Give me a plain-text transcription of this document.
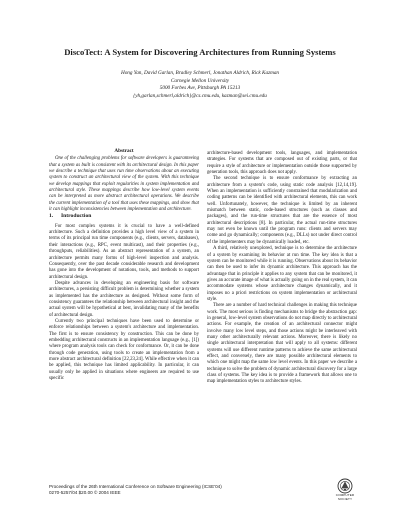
DiscoTect: A System for Discovering Architectures from Running Systems
Hong Yan, David Garlan, Bradley Schmerl, Jonathan Aldrich, Rick Kazman
Carnegie Mellon University
5000 Forbes Ave, Pittsburgh PA 15213
{yh,garlan,schmerl,aldrich}@cs.cmu.edu, kazman@sei.cmu.edu
Abstract

One of the challenging problems for software developers is guaranteeing that a system as built is consistent with its architectural design. In this paper we describe a technique that uses run time observations about an executing system to construct an architectural view of the system. With this technique we develop mappings that exploit regularities in system implementation and architectural style. These mappings describe how low-level system events can be interpreted as more abstract architectural operations. We describe the current implementation of a tool that uses these mappings, and show that it can highlight inconsistencies between implementation and architecture.

1. Introduction

For most complex systems it is crucial to have a well-defined architecture. Such a definition provides a high level view of a system in terms of its principal run time components (e.g., clients, servers, databases), their interactions (e.g., RPC, event multicast), and their properties (e.g., throughputs, reliabilities). As an abstract representation of a system, an architecture permits many forms of high-level inspection and analysis. Consequently, over the past decade considerable research and development has gone into the development of notations, tools, and methods to support architectural design.

Despite advances in developing an engineering basis for software architectures, a persisting difficult problem is determining whether a system as implemented has the architecture as designed. Without some form of consistency guarantees the relationship between architectural insight and the actual system will be hypothetical at best, invalidating many of the benefits of architectural design.

Currently two principal techniques have been used to determine or enforce relationships between a system's architecture and implementation. The first is to ensure consistency by construction. This can be done by embedding architectural constructs in an implementation language (e.g., [1]) where program analysis tools can check for conformance. Or, it can be done through code generation, using tools to create an implementation from a more abstract architectural definition [22,23,24]. While effective when it can be applied, this technique has limited applicability. In particular, it can usually only be applied in situations where engineers are required to use specific

architecture-based development tools, languages, and implementation strategies. For systems that are composed out of existing parts, or that require a style of architecture or implementation outside those supported by generation tools, this approach does not apply.

The second technique is to ensure conformance by extracting an architecture from a system's code, using static code analysis [12,14,19]. When an implementation is sufficiently constrained that modularization and coding patterns can be identified with architectural elements, this can work well. Unfortunately, however, the technique is limited by an inherent mismatch between static, code-based structures (such as classes and packages), and the run-time structures that are the essence of most architectural descriptions [8]. In particular, the actual run-time structures may not even be known until the program runs: clients and servers may come and go dynamically; components (e.g., DLLs) not under direct control of the implementers may be dynamically loaded, etc.

A third, relatively unexplored, technique is to determine the architecture of a system by examining its behavior at run time. The key idea is that a system can be monitored while it is running. Observations about its behavior can then be used to infer its dynamic architecture. This approach has the advantage that in principle it applies to any system that can be monitored, it gives an accurate image of what is actually going on in the real system, it can accommodate systems whose architecture changes dynamically, and it imposes no a priori restrictions on system implementation or architectural style.

There are a number of hard technical challenges in making this technique work. The most serious is finding mechanisms to bridge the abstraction gap: in general, low-level system observations do not map directly to architectural actions. For example, the creation of an architectural connector might involve many low level steps, and those actions might be interleaved with many other architecturally relevant actions. Moreover, there is likely no single architectural interpretation that will apply to all systems: different systems will use different runtime patterns to achieve the same architectural effect, and conversely, there are many possible architectural elements to which one might map the same low level events. In this paper we describe a technique to solve the problem of dynamic architectural discovery for a large class of systems. The key idea is to provide a framework that allows one to map implementation styles to architecture styles.

Proceedings of the 26th International Conference on Software Engineering (ICSE'04)
0270-5257/04 $20.00 © 2004 IEEE	COMPUTER
SOCIETY
